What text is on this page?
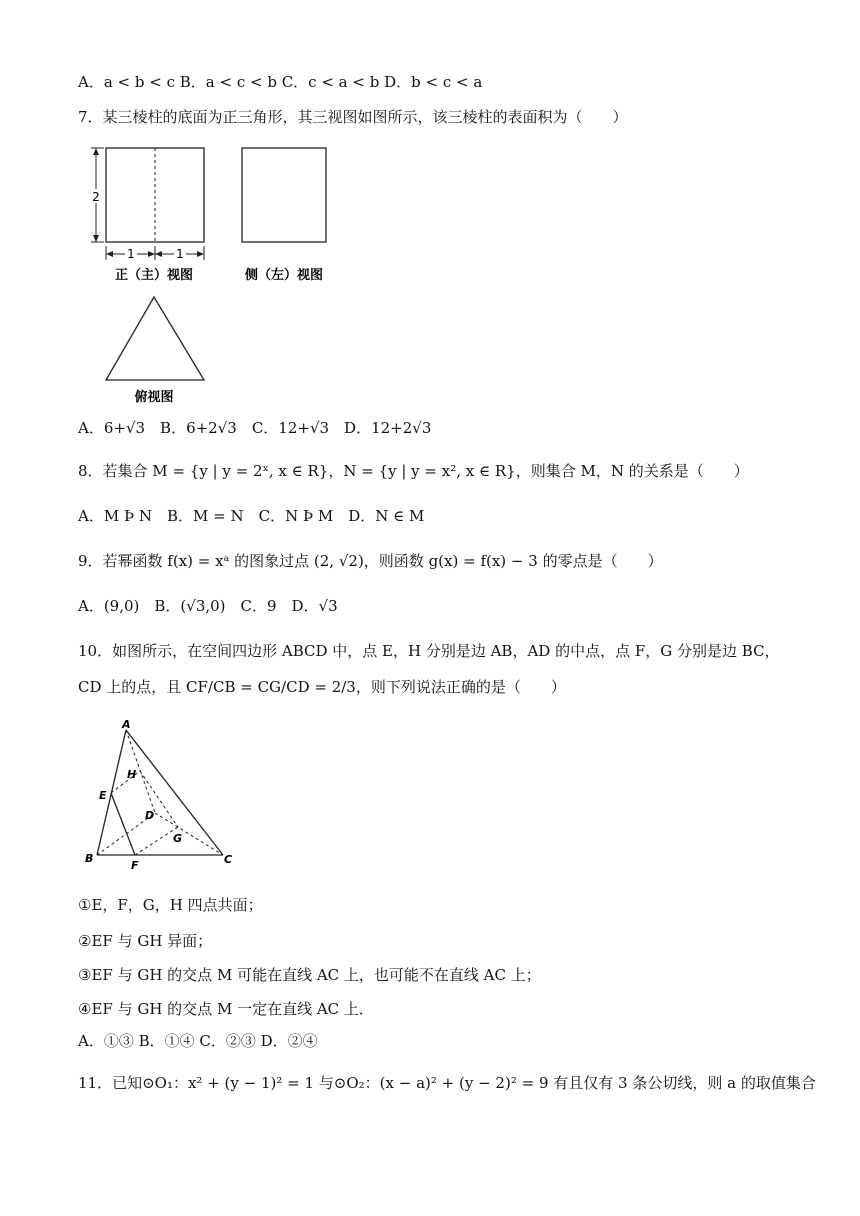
A．a < b < c B．a < c < b C．c < a < b D．b < c < a
7．某三棱柱的底面为正三角形，其三视图如图所示，该三棱柱的表面积为（　　）
2
1	1
正（主）视图	侧（左）视图
俯视图
A．6+√3　B．6+2√3　C．12+√3　D．12+2√3
8．若集合 M = {y | y = 2ˣ, x ∈ R}，N = {y | y = x², x ∈ R}，则集合 M，N 的关系是（　　）
A．M Þ N　B．M = N　C．N Þ M　D．N ∈ M
9．若幂函数 f(x) = xᵃ 的图象过点 (2, √2)，则函数 g(x) = f(x) − 3 的零点是（　　）
A．(9,0)　B．(√3,0)　C．9　D．√3
10．如图所示，在空间四边形 ABCD 中，点 E，H 分别是边 AB，AD 的中点，点 F，G 分别是边 BC，
CD 上的点，且 CF/CB = CG/CD = 2/3，则下列说法正确的是（　　）
A
B	C
D
E
F
G
H
①E，F，G，H 四点共面；
②EF 与 GH 异面；
③EF 与 GH 的交点 M 可能在直线 AC 上，也可能不在直线 AC 上；
④EF 与 GH 的交点 M 一定在直线 AC 上．
A．①③ B．①④ C．②③ D．②④
11．已知⊙O₁：x² + (y − 1)² = 1 与⊙O₂：(x − a)² + (y − 2)² = 9 有且仅有 3 条公切线，则 a 的取值集合
